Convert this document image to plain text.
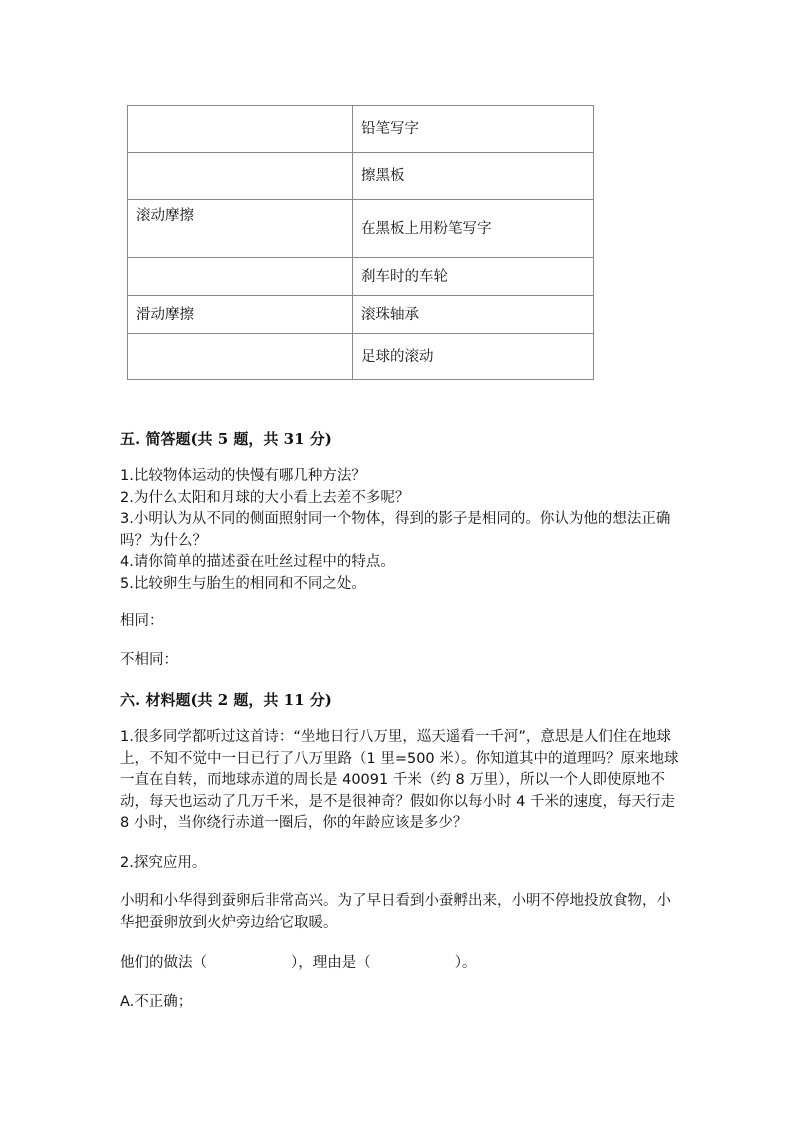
	铅笔写字
	擦黑板
滚动摩擦	在黑板上用粉笔写字
	刹车时的车轮
滑动摩擦	滚珠轴承
	足球的滚动
五. 简答题(共 5 题，共 31 分)
1.比较物体运动的快慢有哪几种方法？
2.为什么太阳和月球的大小看上去差不多呢？
3.小明认为从不同的侧面照射同一个物体，得到的影子是相同的。你认为他的想法正确吗？为什么？
4.请你简单的描述蚕在吐丝过程中的特点。
5.比较卵生与胎生的相同和不同之处。

相同：

不相同：

六. 材料题(共 2 题，共 11 分)

1.很多同学都听过这首诗：“坐地日行八万里，巡天遥看一千河”，意思是人们住在地球上，不知不觉中一日已行了八万里路（1 里=500 米）。你知道其中的道理吗？原来地球一直在自转，而地球赤道的周长是 40091 千米（约 8 万里），所以一个人即使原地不动，每天也运动了几万千米，是不是很神奇？假如你以每小时 4 千米的速度，每天行走 8 小时，当你绕行赤道一圈后，你的年龄应该是多少？

2.探究应用。

小明和小华得到蚕卵后非常高兴。为了早日看到小蚕孵出来，小明不停地投放食物，小华把蚕卵放到火炉旁边给它取暖。

他们的做法（	），理由是（	）。

A.不正确；
